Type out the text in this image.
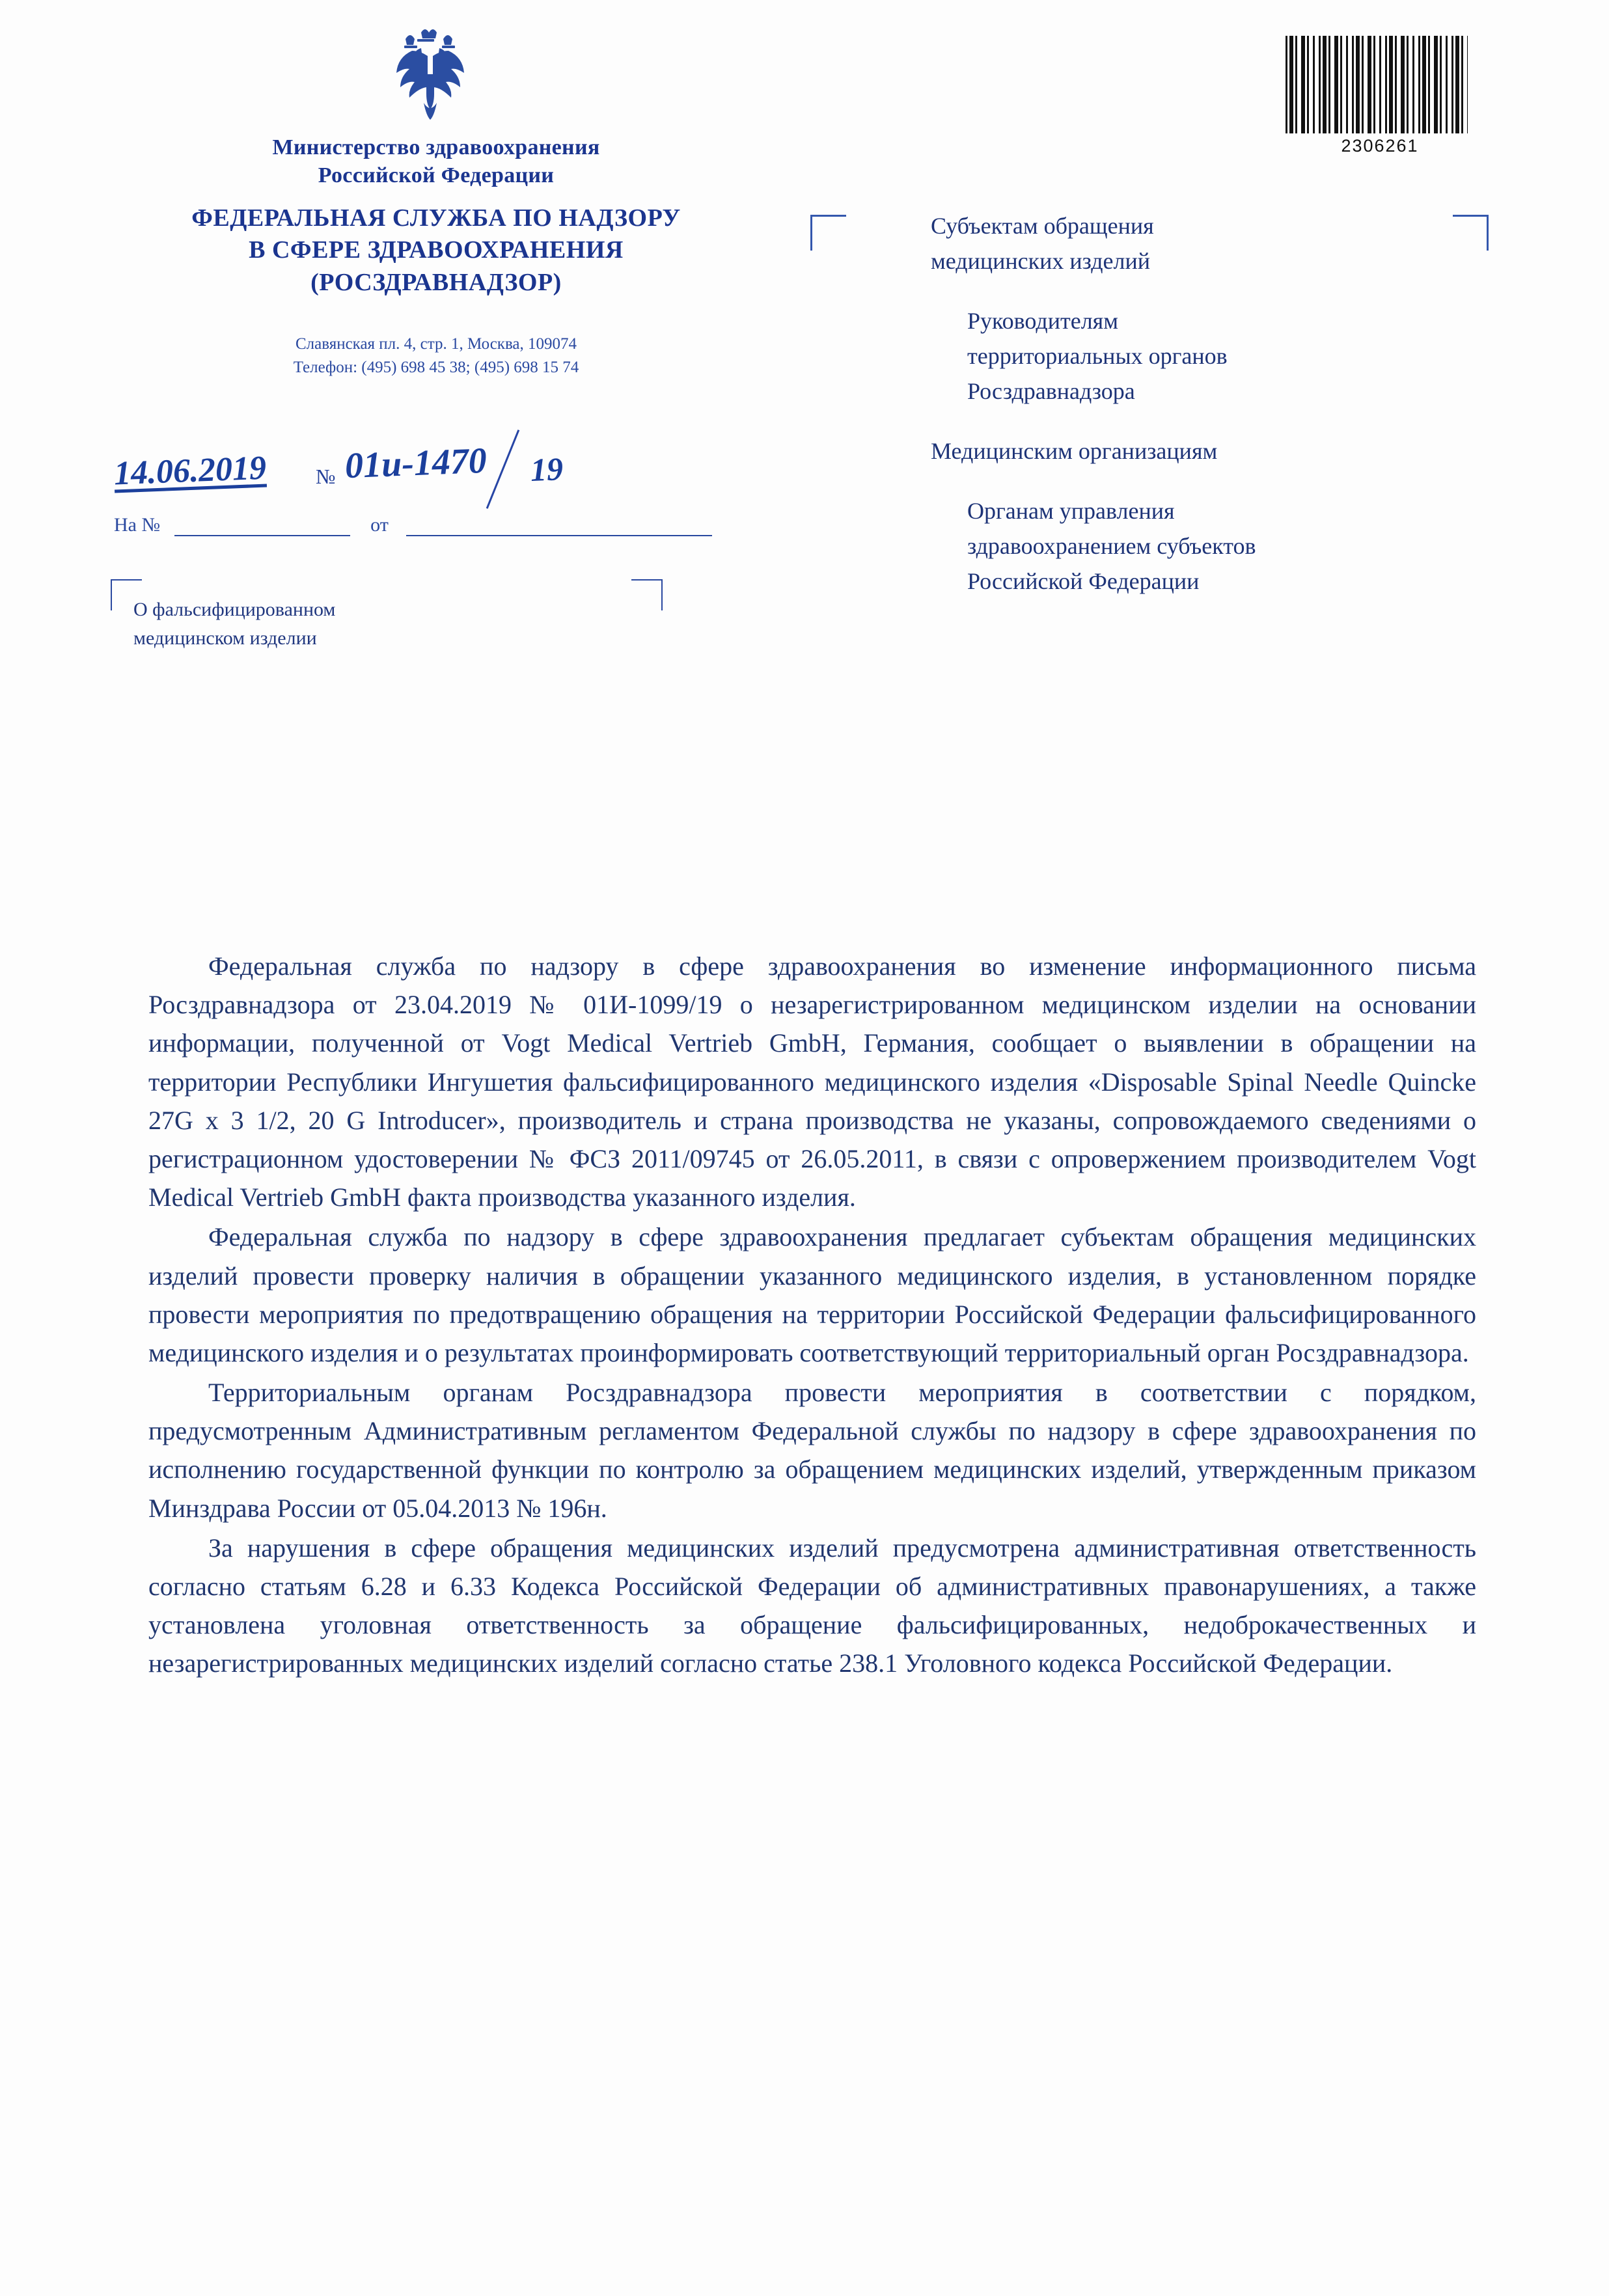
Министерство здравоохранения
Российской Федерации
ФЕДЕРАЛЬНАЯ СЛУЖБА ПО НАДЗОРУ
В СФЕРЕ ЗДРАВООХРАНЕНИЯ
(РОСЗДРАВНАДЗОР)
Славянская пл. 4, стр. 1, Москва, 109074
Телефон: (495) 698 45 38; (495) 698 15 74
14.06.2019 № 01и-1470 19
На №	от
О фальсифицированном
медицинском изделии
2306261
Субъектам обращения
медицинских изделий
Руководителям
территориальных органов
Росздравнадзора
Медицинским организациям
Органам управления
здравоохранением субъектов
Российской Федерации

Федеральная служба по надзору в сфере здравоохранения во изменение информационного письма Росздравнадзора от 23.04.2019 № 01И-1099/19 о незарегистрированном медицинском изделии на основании информации, полученной от Vogt Medical Vertrieb GmbH, Германия, сообщает о выявлении в обращении на территории Республики Ингушетия фальсифицированного медицинского изделия «Disposable Spinal Needle Quincke 27G x 3 1/2, 20 G Introducer», производитель и страна производства не указаны, сопровождаемого сведениями о регистрационном удостоверении № ФСЗ 2011/09745 от 26.05.2011, в связи с опровержением производителем Vogt Medical Vertrieb GmbH факта производства указанного изделия.

Федеральная служба по надзору в сфере здравоохранения предлагает субъектам обращения медицинских изделий провести проверку наличия в обращении указанного медицинского изделия, в установленном порядке провести мероприятия по предотвращению обращения на территории Российской Федерации фальсифицированного медицинского изделия и о результатах проинформировать соответствующий территориальный орган Росздравнадзора.

Территориальным органам Росздравнадзора провести мероприятия в соответствии с порядком, предусмотренным Административным регламентом Федеральной службы по надзору в сфере здравоохранения по исполнению государственной функции по контролю за обращением медицинских изделий, утвержденным приказом Минздрава России от 05.04.2013 № 196н.

За нарушения в сфере обращения медицинских изделий предусмотрена административная ответственность согласно статьям 6.28 и 6.33 Кодекса Российской Федерации об административных правонарушениях, а также установлена уголовная ответственность за обращение фальсифицированных, недоброкачественных и незарегистрированных медицинских изделий согласно статье 238.1 Уголовного кодекса Российской Федерации.
